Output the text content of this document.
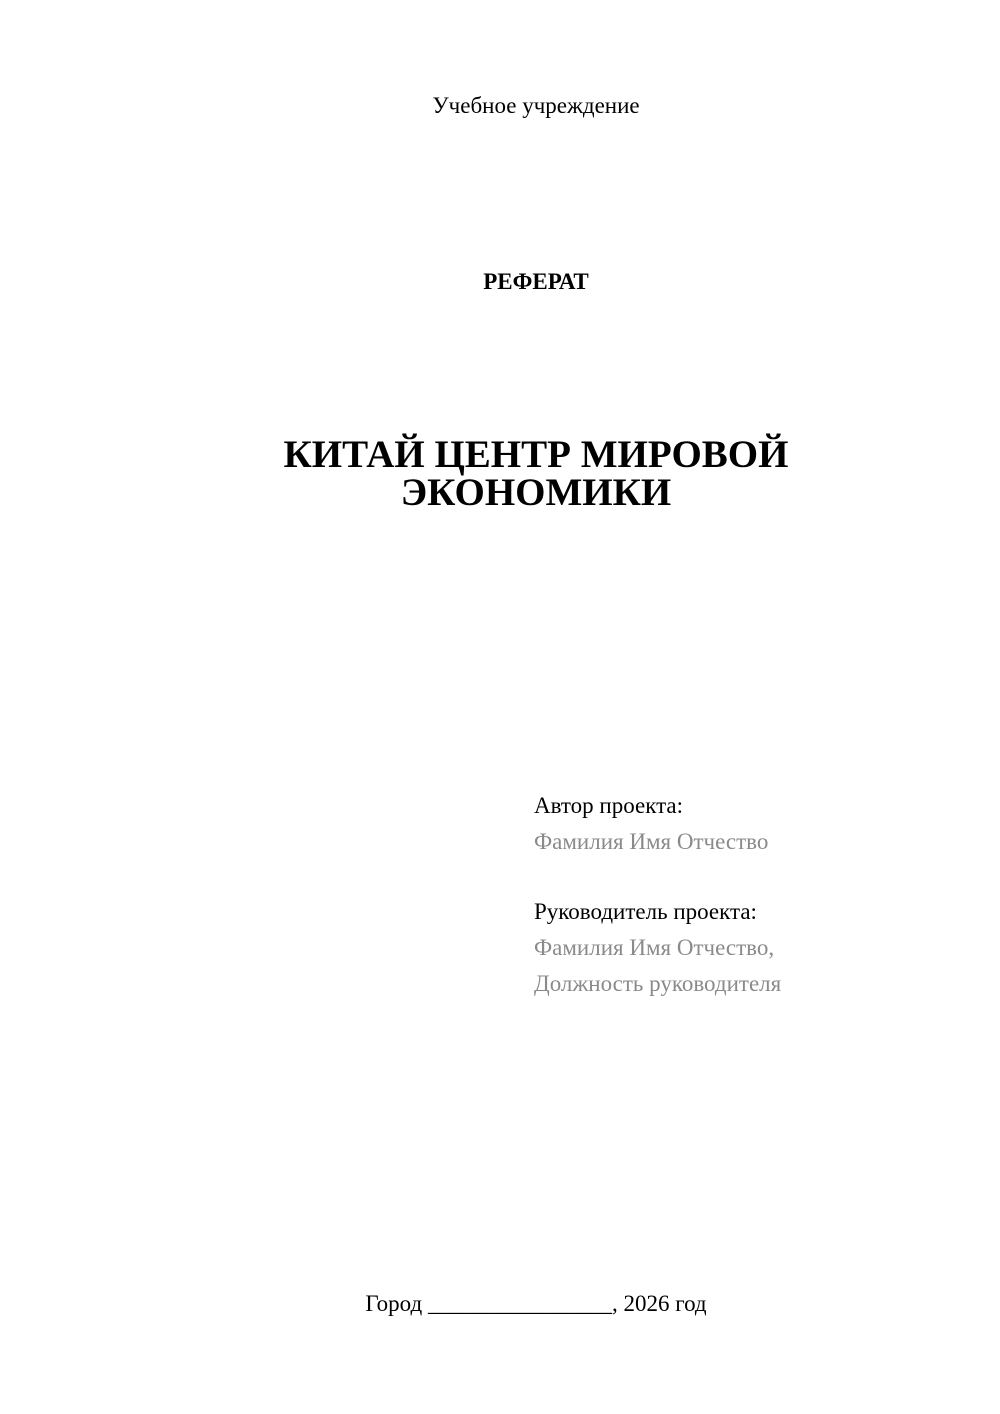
Учебное учреждение
РЕФЕРАТ
КИТАЙ ЦЕНТР МИРОВОЙ
ЭКОНОМИКИ
Автор проекта:
Фамилия Имя Отчество
Руководитель проекта:
Фамилия Имя Отчество,
Должность руководителя
Город ________________, 2026 год
